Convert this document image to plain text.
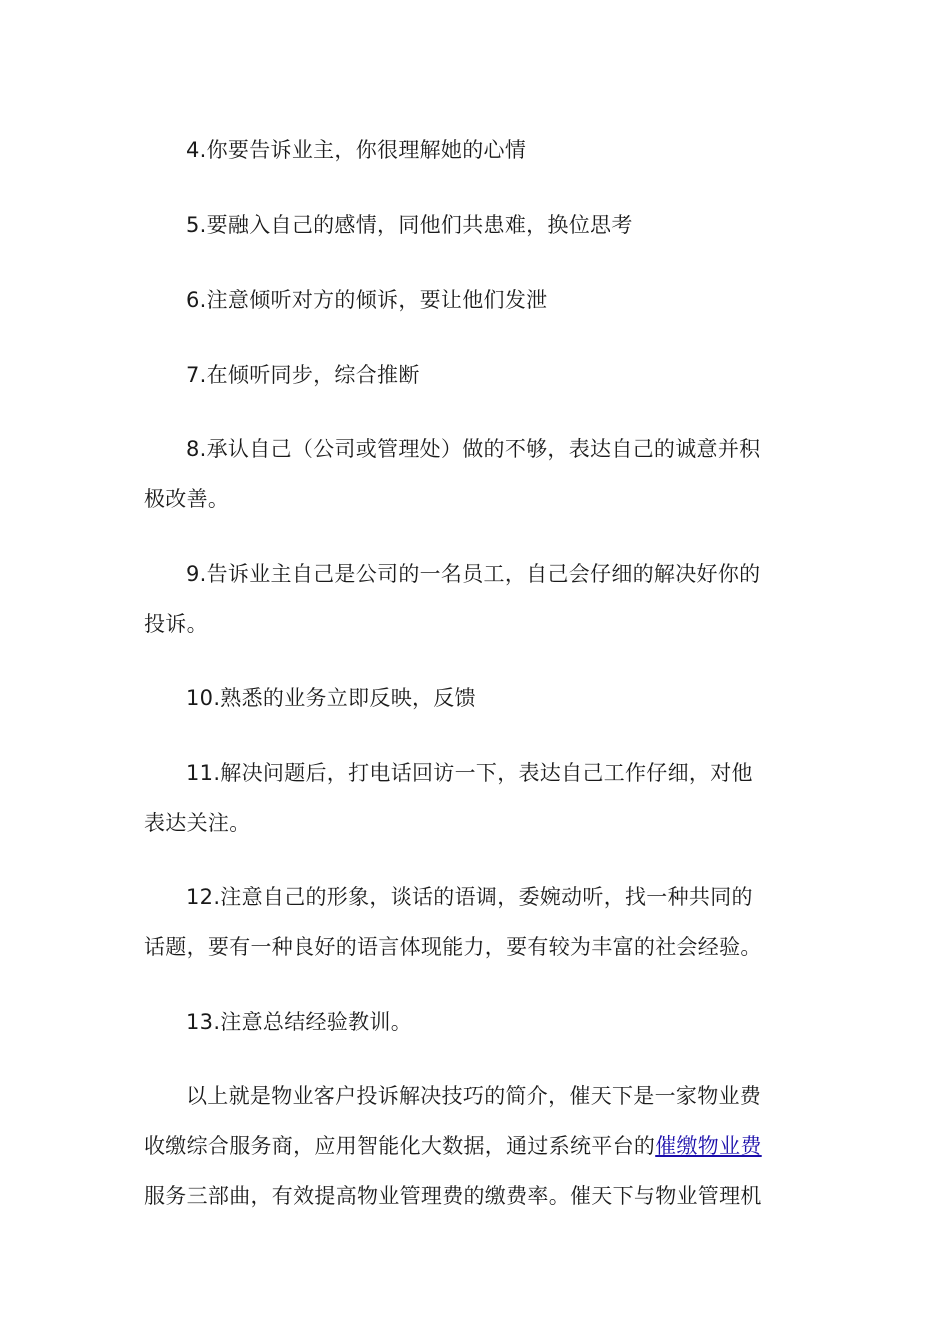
4.你要告诉业主，你很理解她的心情

5.要融入自己的感情，同他们共患难，换位思考

6.注意倾听对方的倾诉，要让他们发泄

7.在倾听同步，综合推断

8.承认自己（公司或管理处）做的不够，表达自己的诚意并积极改善。

9.告诉业主自己是公司的一名员工，自己会仔细的解决好你的投诉。

10.熟悉的业务立即反映，反馈

11.解决问题后，打电话回访一下，表达自己工作仔细，对他表达关注。

12.注意自己的形象，谈话的语调，委婉动听，找一种共同的话题，要有一种良好的语言体现能力，要有较为丰富的社会经验。

13.注意总结经验教训。

以上就是物业客户投诉解决技巧的简介，催天下是一家物业费收缴综合服务商，应用智能化大数据，通过系统平台的催缴物业费服务三部曲，有效提高物业管理费的缴费率。催天下与物业管理机
